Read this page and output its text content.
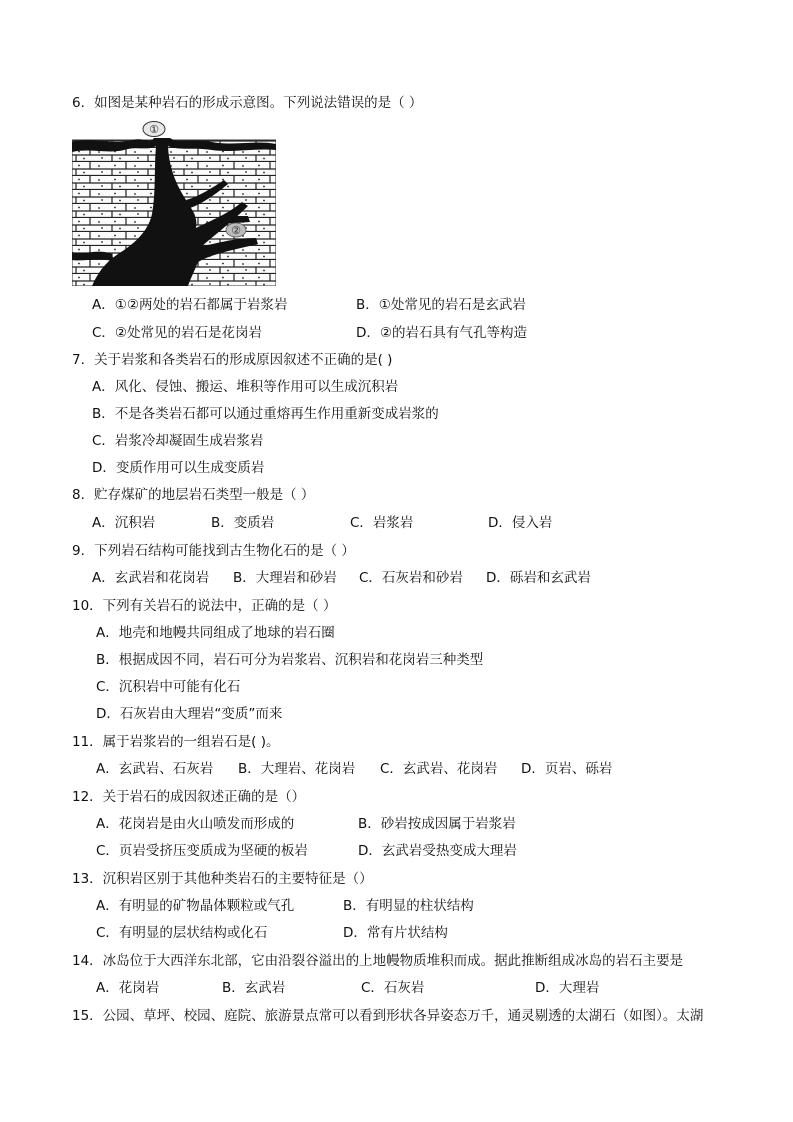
6．如图是某种岩石的形成示意图。下列说法错误的是（ ）
①
②
A．①②两处的岩石都属于岩浆岩	B．①处常见的岩石是玄武岩
C．②处常见的岩石是花岗岩	D．②的岩石具有气孔等构造
7．关于岩浆和各类岩石的形成原因叙述不正确的是( )
A．风化、侵蚀、搬运、堆积等作用可以生成沉积岩
B．不是各类岩石都可以通过重熔再生作用重新变成岩浆的
C．岩浆冷却凝固生成岩浆岩
D．变质作用可以生成变质岩
8．贮存煤矿的地层岩石类型一般是（ ）
A．沉积岩	B．变质岩	C．岩浆岩	D．侵入岩
9．下列岩石结构可能找到古生物化石的是（ ）
A．玄武岩和花岗岩 B．大理岩和砂岩 C．石灰岩和砂岩 D．砾岩和玄武岩
10．下列有关岩石的说法中，正确的是（ ）
A．地壳和地幔共同组成了地球的岩石圈
B．根据成因不同，岩石可分为岩浆岩、沉积岩和花岗岩三种类型
C．沉积岩中可能有化石
D．石灰岩由大理岩“变质”而来
11．属于岩浆岩的一组岩石是( )。
A．玄武岩、石灰岩 B．大理岩、花岗岩 C．玄武岩、花岗岩 D．页岩、砾岩
12．关于岩石的成因叙述正确的是（）
A．花岗岩是由火山喷发而形成的	B．砂岩按成因属于岩浆岩
C．页岩受挤压变质成为坚硬的板岩	D．玄武岩受热变成大理岩
13．沉积岩区别于其他种类岩石的主要特征是（）
A．有明显的矿物晶体颗粒或气孔	B．有明显的柱状结构
C．有明显的层状结构或化石	D．常有片状结构
14．冰岛位于大西洋东北部，它由沿裂谷溢出的上地幔物质堆积而成。据此推断组成冰岛的岩石主要是
A．花岗岩	B．玄武岩	C．石灰岩	D．大理岩
15．公园、草坪、校园、庭院、旅游景点常可以看到形状各异姿态万千，通灵剔透的太湖石（如图）。太湖
